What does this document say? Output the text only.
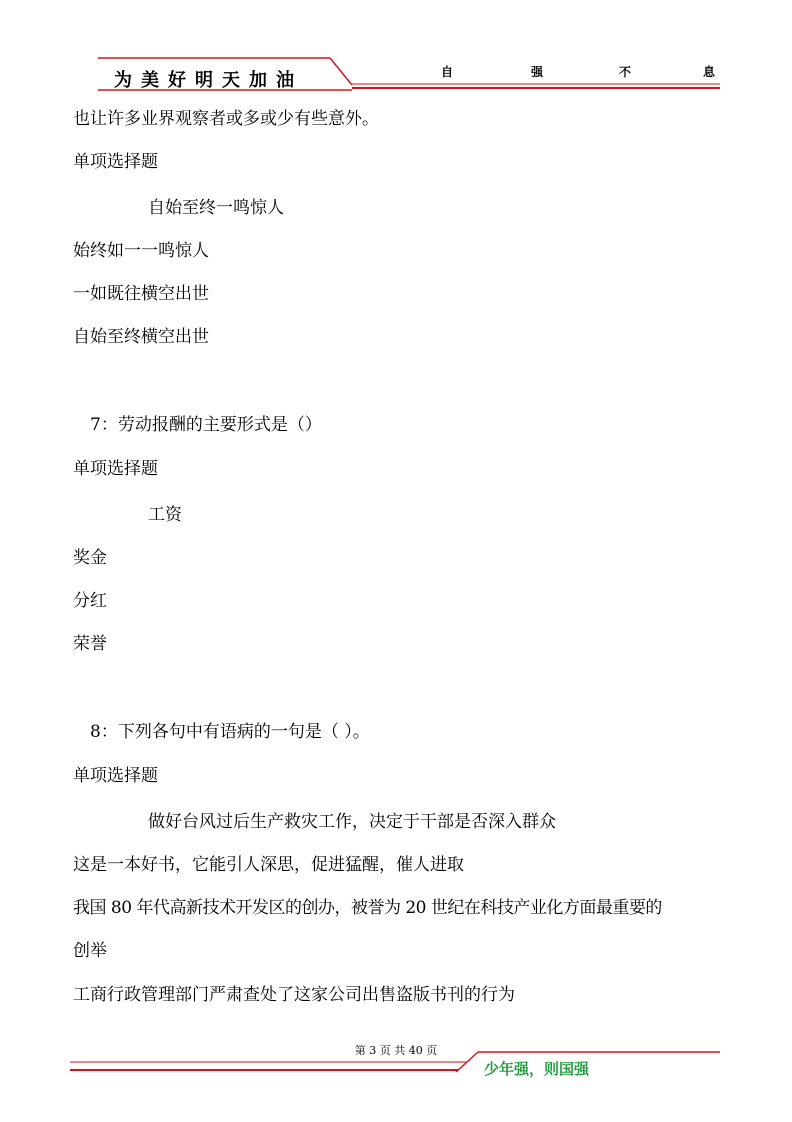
为美好明天加油	自	强	不	息
也让许多业界观察者或多或少有些意外。
单项选择题
自始至终一鸣惊人
始终如一一鸣惊人
一如既往横空出世
自始至终横空出世
7：劳动报酬的主要形式是（）
单项选择题
工资
奖金
分红
荣誉
8：下列各句中有语病的一句是（ ）。
单项选择题
做好台风过后生产救灾工作，决定于干部是否深入群众
这是一本好书，它能引人深思，促进猛醒，催人进取
我国 80 年代高新技术开发区的创办，被誉为 20 世纪在科技产业化方面最重要的
创举
工商行政管理部门严肃查处了这家公司出售盗版书刊的行为
第 3 页 共 40 页
少年强，则国强
